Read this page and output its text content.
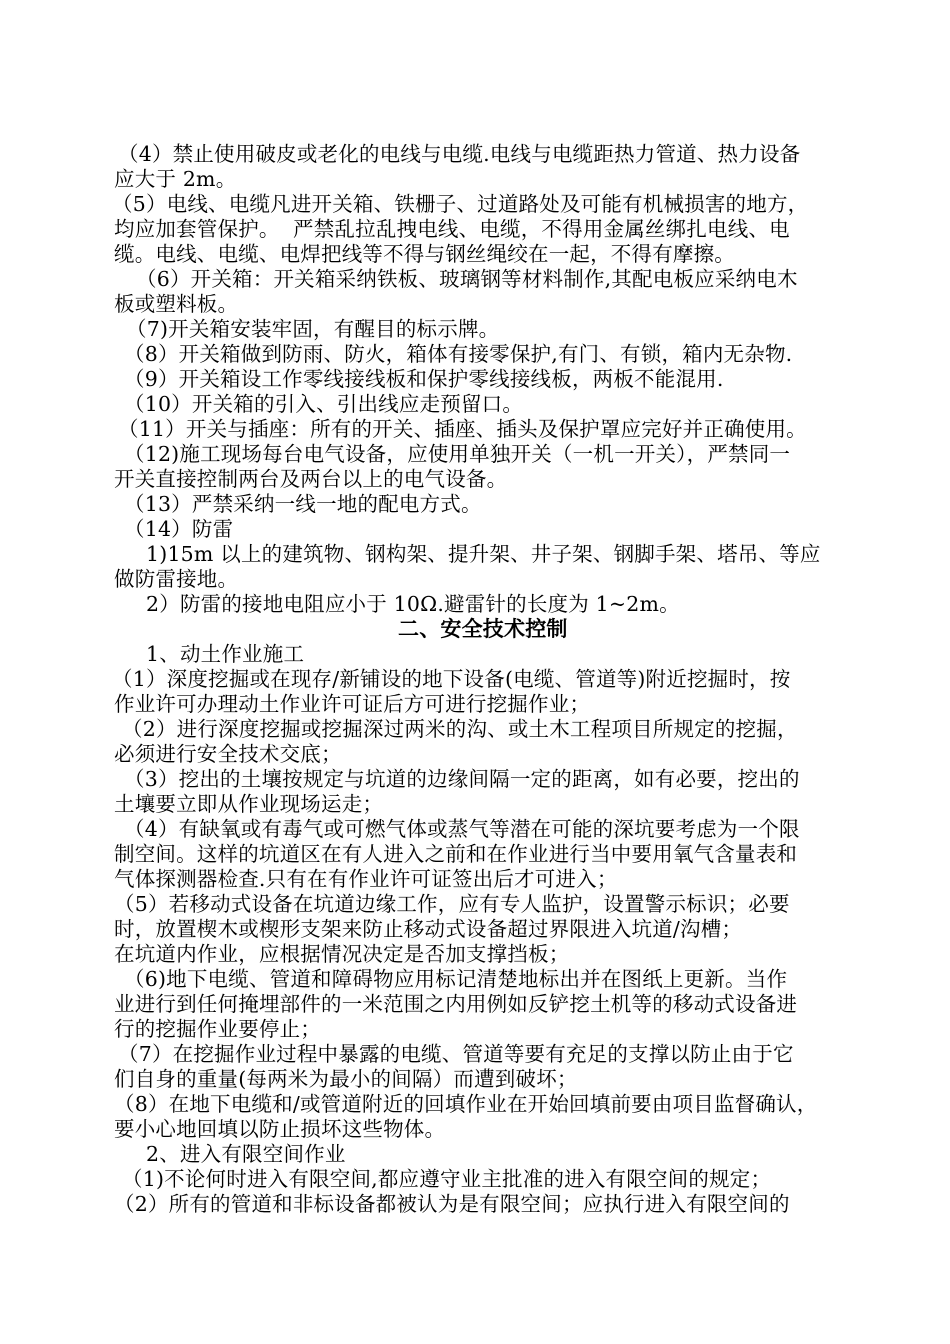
（4）禁止使用破皮或老化的电线与电缆.电线与电缆距热力管道、热力设备
应大于 2m。
（5）电线、电缆凡进开关箱、铁栅子、过道路处及可能有机械损害的地方，
均应加套管保护。  严禁乱拉乱拽电线、电缆，不得用金属丝绑扎电线、电
缆。电线、电缆、电焊把线等不得与钢丝绳绞在一起，不得有摩擦。
（6）开关箱：开关箱采纳铁板、玻璃钢等材料制作,其配电板应采纳电木
板或塑料板。
（7)开关箱安装牢固，有醒目的标示牌。
（8）开关箱做到防雨、防火，箱体有接零保护,有门、有锁，箱内无杂物.
（9）开关箱设工作零线接线板和保护零线接线板，两板不能混用.
（10）开关箱的引入、引出线应走预留口。
（11）开关与插座：所有的开关、插座、插头及保护罩应完好并正确使用。
（12)施工现场每台电气设备，应使用单独开关（一机一开关），严禁同一
开关直接控制两台及两台以上的电气设备。
（13）严禁采纳一线一地的配电方式。
（14）防雷
1)15m 以上的建筑物、钢构架、提升架、井子架、钢脚手架、塔吊、等应
做防雷接地。
2）防雷的接地电阻应小于 10Ω.避雷针的长度为 1~2m。
二、安全技术控制
1、动土作业施工
（1）深度挖掘或在现存/新铺设的地下设备(电缆、管道等)附近挖掘时，按
作业许可办理动土作业许可证后方可进行挖掘作业；
（2）进行深度挖掘或挖掘深过两米的沟、或土木工程项目所规定的挖掘，
必须进行安全技术交底；
（3）挖出的土壤按规定与坑道的边缘间隔一定的距离，如有必要，挖出的
土壤要立即从作业现场运走；
（4）有缺氧或有毒气或可燃气体或蒸气等潜在可能的深坑要考虑为一个限
制空间。这样的坑道区在有人进入之前和在作业进行当中要用氧气含量表和
气体探测器检查.只有在有作业许可证签出后才可进入；
（5）若移动式设备在坑道边缘工作，应有专人监护，设置警示标识；必要
时，放置楔木或楔形支架来防止移动式设备超过界限进入坑道/沟槽；
在坑道内作业，应根据情况决定是否加支撑挡板；
（6)地下电缆、管道和障碍物应用标记清楚地标出并在图纸上更新。当作
业进行到任何掩埋部件的一米范围之内用例如反铲挖土机等的移动式设备进
行的挖掘作业要停止；
（7）在挖掘作业过程中暴露的电缆、管道等要有充足的支撑以防止由于它
们自身的重量(每两米为最小的间隔）而遭到破坏；
（8）在地下电缆和/或管道附近的回填作业在开始回填前要由项目监督确认，
要小心地回填以防止损坏这些物体。
2、进入有限空间作业
（1)不论何时进入有限空间,都应遵守业主批准的进入有限空间的规定；
（2）所有的管道和非标设备都被认为是有限空间；应执行进入有限空间的
